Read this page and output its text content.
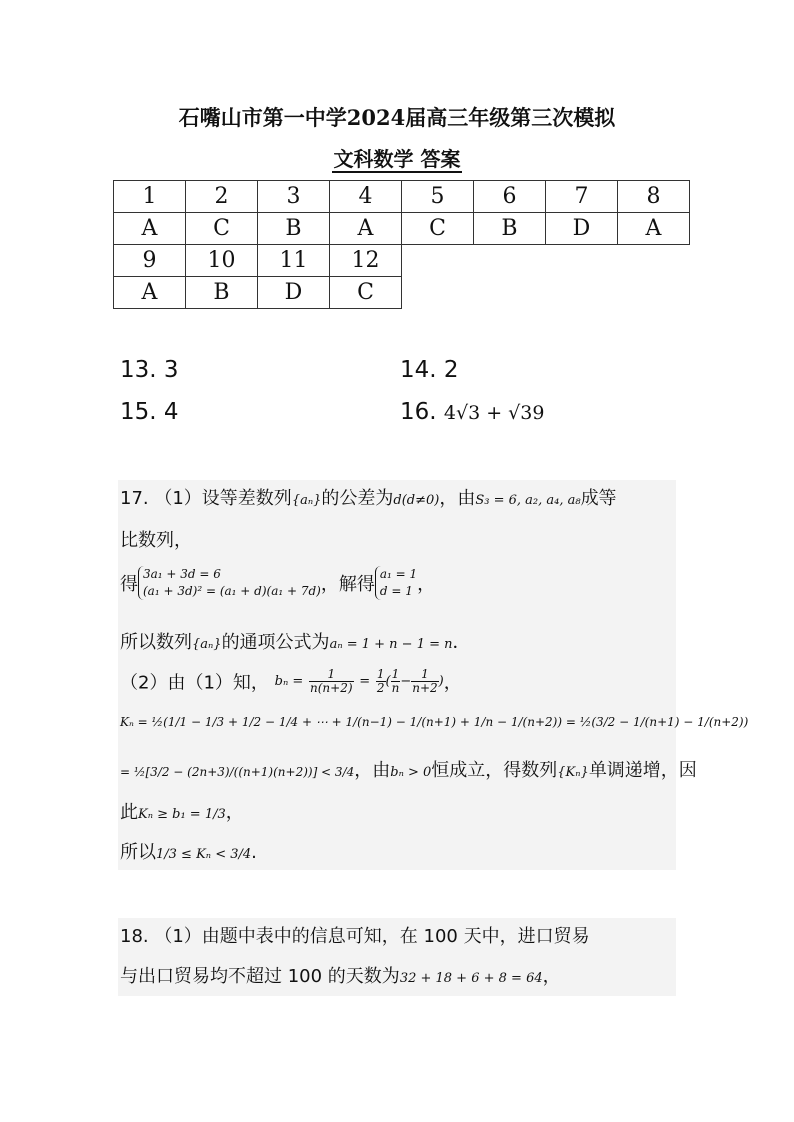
石嘴山市第一中学2024届高三年级第三次模拟
文科数学 答案
1	2	3	4	5	6	7	8
A	C	B	A	C	B	D	A
9	10	11	12				
A	B	D	C				
13. 3	14. 2
15. 4	16. 4√3 + √39
17. （1）设等差数列{aₙ}的公差为d(d≠0)，由S₃ = 6, a₂, a₄, a₈成等
比数列，
得 3a₁ + 3d = 6
(a₁ + 3d)² = (a₁ + d)(a₁ + 7d) ，解得 a₁ = 1
d = 1 ，
所以数列{aₙ}的通项公式为aₙ = 1 + n − 1 = n．
（2）由（1）知， $b_n = \frac{1}{n(n+2)} = \frac{1}{2}$ ( $\frac{1}{n} - \frac{1}{n+2}$ )，
Kₙ = ½(1/1 − 1/3 + 1/2 − 1/4 + ⋯ + 1/(n−1) − 1/(n+1) + 1/n − 1/(n+2)) = ½(3/2 − 1/(n+1) − 1/(n+2))
= ½[3/2 − (2n+3)/((n+1)(n+2))] < 3/4，由bₙ > 0恒成立，得数列{Kₙ}单调递增，因
此Kₙ ≥ b₁ = 1/3，
所以1/3 ≤ Kₙ < 3/4.
18. （1）由题中表中的信息可知，在 100 天中，进口贸易
与出口贸易均不超过 100 的天数为32 + 18 + 6 + 8 = 64，
